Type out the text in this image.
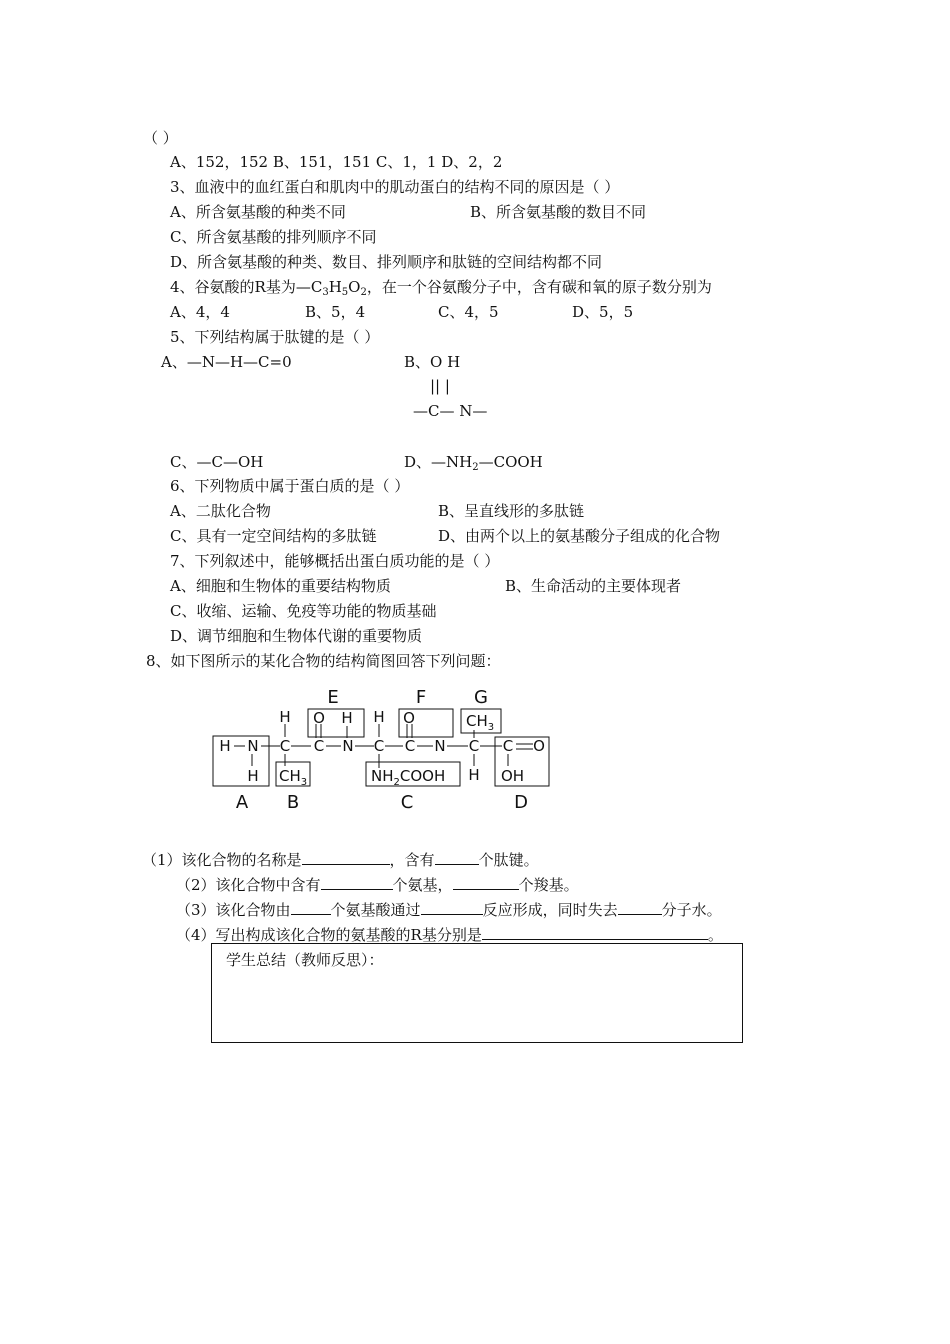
（ ）
A、152，152 B、151，151 C、1，1 D、2，2
3、血液中的血红蛋白和肌肉中的肌动蛋白的结构不同的原因是（ ）
A、所含氨基酸的种类不同	B、所含氨基酸的数目不同
C、所含氨基酸的排列顺序不同
D、所含氨基酸的种类、数目、排列顺序和肽链的空间结构都不同
4、谷氨酸的R基为$—C_3H_5O_2$，在一个谷氨酸分子中，含有碳和氧的原子数分别为
A、4，4	B、5，4	C、4，5	D、5，5
5、下列结构属于肽键的是（ ）
A、—N—H—C=0	B、O H
|| |
—C— N—
C、—C—OH	D、$—NH_2—COOH$
6、下列物质中属于蛋白质的是（ ）
A、二肽化合物	B、呈直线形的多肽链
C、具有一定空间结构的多肽链	D、由两个以上的氨基酸分子组成的化合物
7、下列叙述中，能够概括出蛋白质功能的是（ ）
A、细胞和生物体的重要结构物质	B、生命活动的主要体现者
C、收缩、运输、免疫等功能的物质基础
D、调节细胞和生物体代谢的重要物质
8、如下图所示的某化合物的结构简图回答下列问题：
H N
H
H
C
$CH_3$
O H
C N
H
C
$NH_2COOH$
O
C N
$CH_3$
C
H
C O
OH
E	F	G
A B	C	D
（1）该化合物的名称是	，含有	个肽键。
（2）该化合物中含有	个氨基，	个羧基。
（3）该化合物由	个氨基酸通过	反应形成，同时失去	分子水。
（4）写出构成该化合物的氨基酸的R基分别是	。
学生总结（教师反思）：
